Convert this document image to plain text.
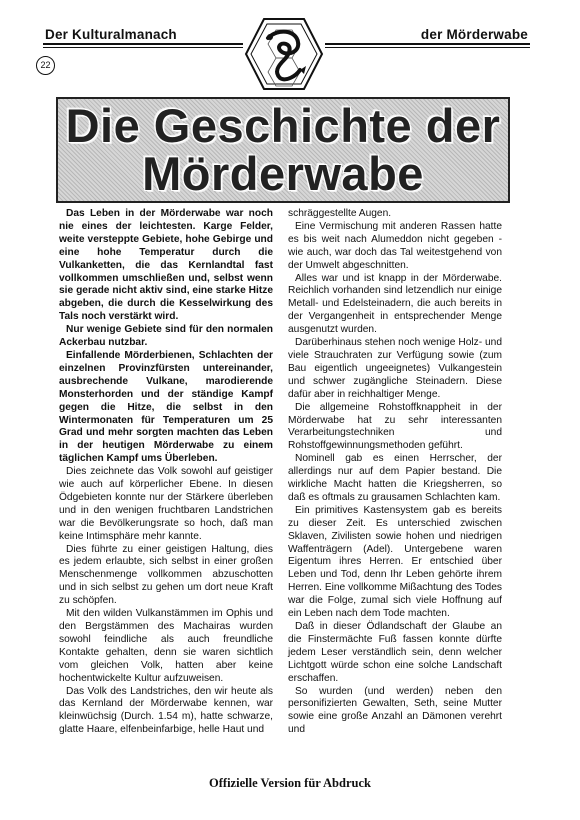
Der Kulturalmanach	der Mörderwabe
22
Die Geschichte der
Mörderwabe

Das Leben in der Mörderwabe war noch nie eines der leichtesten. Karge Felder, weite versteppte Gebiete, hohe Gebirge und eine hohe Temperatur durch die Vulkanketten, die das Kernlandtal fast vollkommen umschließen und, selbst wenn sie gerade nicht aktiv sind, eine starke Hitze abgeben, die durch die Kesselwirkung des Tals noch verstärkt wird.

Nur wenige Gebiete sind für den normalen Ackerbau nutzbar.

Einfallende Mörderbienen, Schlachten der einzelnen Provinzfürsten untereinander, ausbrechende Vulkane, marodierende Monsterhorden und der ständige Kampf gegen die Hitze, die selbst in den Wintermonaten für Temperaturen um 25 Grad und mehr sorgten machten das Leben in der heutigen Mörderwabe zu einem täglichen Kampf ums Überleben.

Dies zeichnete das Volk sowohl auf geistiger wie auch auf körperlicher Ebene. In diesen Ödgebieten konnte nur der Stärkere überleben und in den wenigen fruchtbaren Landstrichen war die Bevölkerungsrate so hoch, daß man keine Intimsphäre mehr kannte.

Dies führte zu einer geistigen Haltung, dies es jedem erlaubte, sich selbst in einer großen Menschenmenge vollkommen abzuschotten und in sich selbst zu gehen um dort neue Kraft zu schöpfen.

Mit den wilden Vulkanstämmen im Ophis und den Bergstämmen des Machairas wurden sowohl feindliche als auch freundliche Kontakte gehalten, denn sie waren sichtlich vom gleichen Volk, hatten aber keine hochentwickelte Kultur aufzuweisen.

Das Volk des Landstriches, den wir heute als das Kernland der Mörderwabe kennen, war kleinwüchsig (Durch. 1.54 m), hatte schwarze, glatte Haare, elfenbeinfarbige, helle Haut und

schräggestellte Augen.

Eine Vermischung mit anderen Rassen hatte es bis weit nach Alumeddon nicht gegeben - wie auch, war doch das Tal weitestgehend von der Umwelt abgeschnitten.

Alles war und ist knapp in der Mörderwabe. Reichlich vorhanden sind letzendlich nur einige Metall- und Edelsteinadern, die auch bereits in der Vergangenheit in entsprechender Menge ausgenutzt wurden.

Darüberhinaus stehen noch wenige Holz- und viele Strauchraten zur Verfügung sowie (zum Bau eigentlich ungeeignetes) Vulkangestein und schwer zugängliche Steinadern. Diese dafür aber in reichhaltiger Menge.

Die allgemeine Rohstoffknappheit in der Mörderwabe hat zu sehr interessanten Verarbeitungstechniken und Rohstoffgewinnungsmethoden geführt.

Nominell gab es einen Herrscher, der allerdings nur auf dem Papier bestand. Die wirkliche Macht hatten die Kriegsherren, so daß es oftmals zu grausamen Schlachten kam.

Ein primitives Kastensystem gab es bereits zu dieser Zeit. Es unterschied zwischen Sklaven, Zivilisten sowie hohen und niedrigen Waffenträgern (Adel). Untergebene waren Eigentum ihres Herren. Er entschied über Leben und Tod, denn Ihr Leben gehörte ihrem Herren. Eine vollkomme Mißachtung des Todes war die Folge, zumal sich viele Hoffnung auf ein Leben nach dem Tode machten.

Daß in dieser Ödlandschaft der Glaube an die Finstermächte Fuß fassen konnte dürfte jedem Leser verständlich sein, denn welcher Lichtgott würde schon eine solche Landschaft erschaffen.

So wurden (und werden) neben den personifizierten Gewalten, Seth, seine Mutter sowie eine große Anzahl an Dämonen verehrt und

Offizielle Version für Abdruck
